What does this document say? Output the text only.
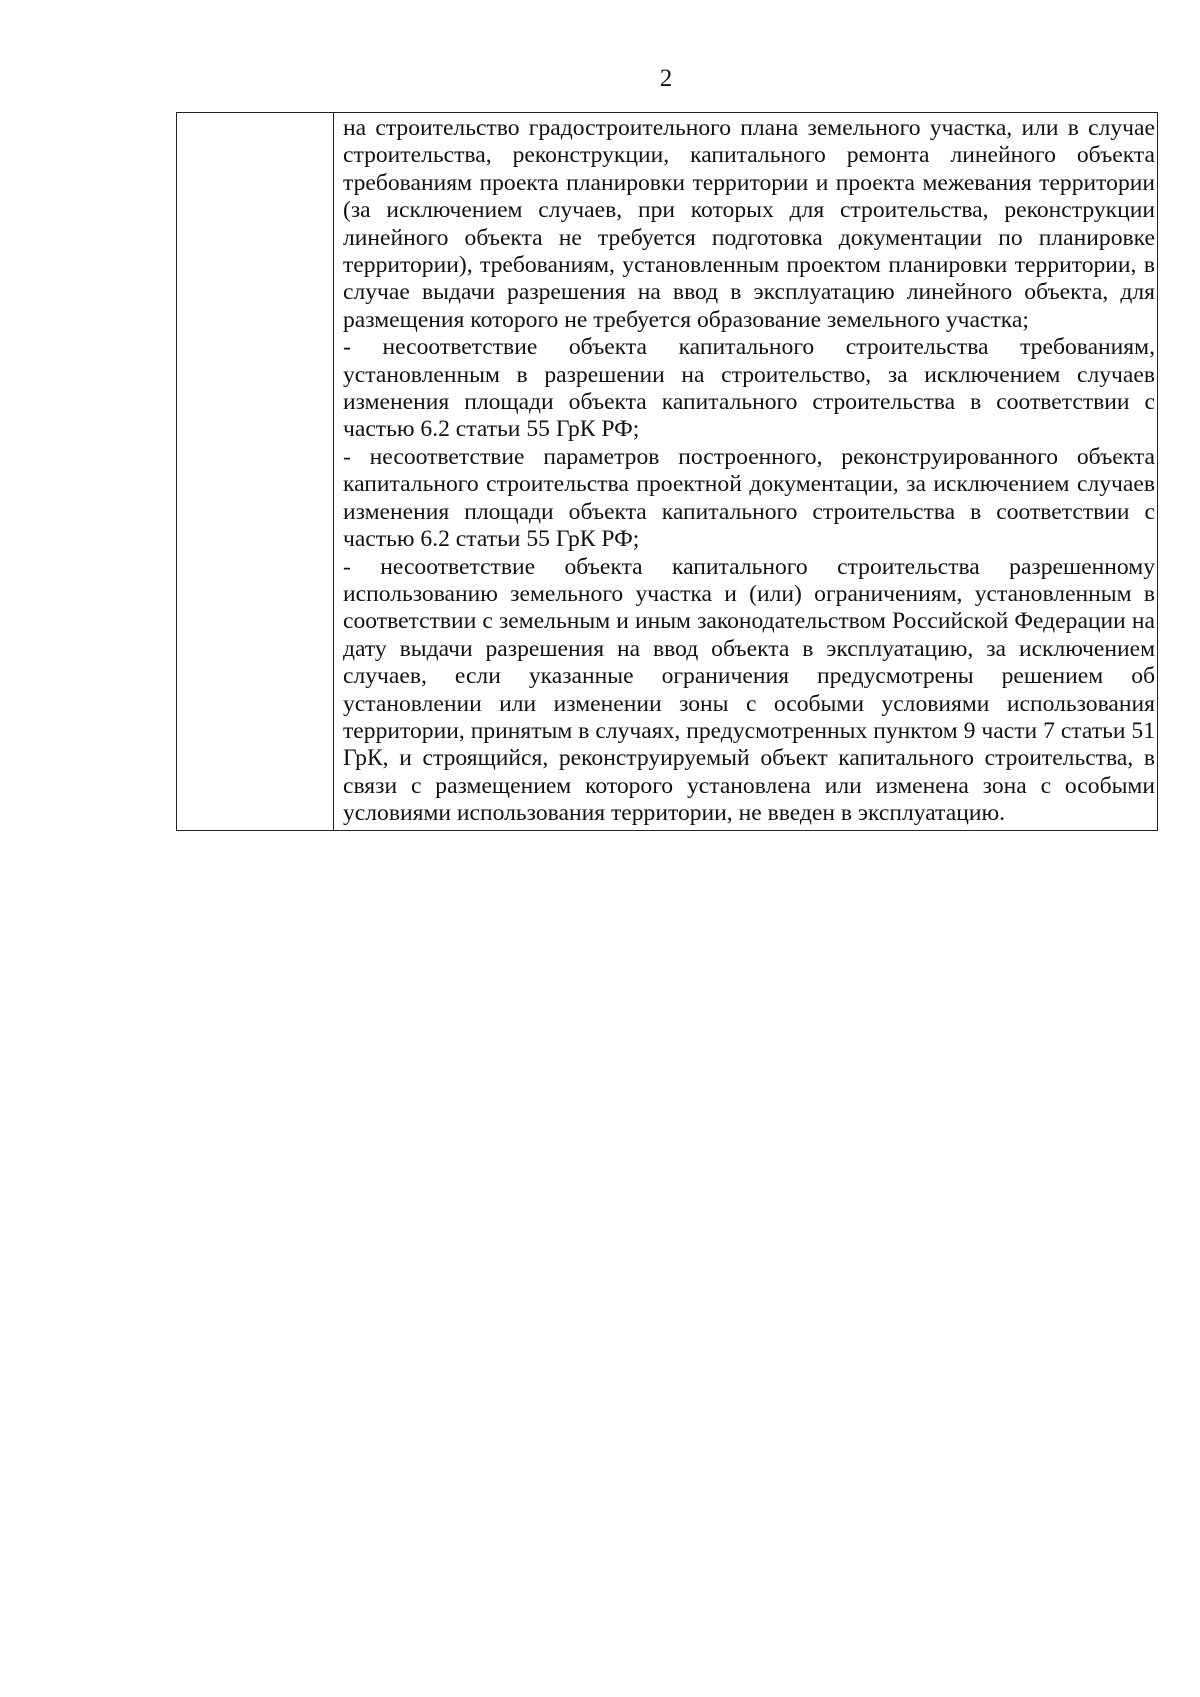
2

на строительство градостроительного плана земельного участка, или в случае строительства, реконструкции, капитального ремонта линейного объекта требованиям проекта планировки территории и проекта межевания территории (за исключением случаев, при которых для строительства, реконструкции линейного объекта не требуется подготовка документации по планировке территории), требованиям, установленным проектом планировки территории, в случае выдачи разрешения на ввод в эксплуатацию линейного объекта, для размещения которого не требуется образование земельного участка;

- несоответствие объекта капитального строительства требованиям, установленным в разрешении на строительство, за исключением случаев изменения площади объекта капитального строительства в соответствии с частью 6.2 статьи 55 ГрК РФ;

- несоответствие параметров построенного, реконструированного объекта капитального строительства проектной документации, за исключением случаев изменения площади объекта капитального строительства в соответствии с частью 6.2 статьи 55 ГрК РФ;

- несоответствие объекта капитального строительства разрешенному использованию земельного участка и (или) ограничениям, установленным в соответствии с земельным и иным законодательством Российской Федерации на дату выдачи разрешения на ввод объекта в эксплуатацию, за исключением случаев, если указанные ограничения предусмотрены решением об установлении или изменении зоны с особыми условиями использования территории, принятым в случаях, предусмотренных пунктом 9 части 7 статьи 51 ГрК, и строящийся, реконструируемый объект капитального строительства, в связи с размещением которого установлена или изменена зона с особыми условиями использования территории, не введен в эксплуатацию.
